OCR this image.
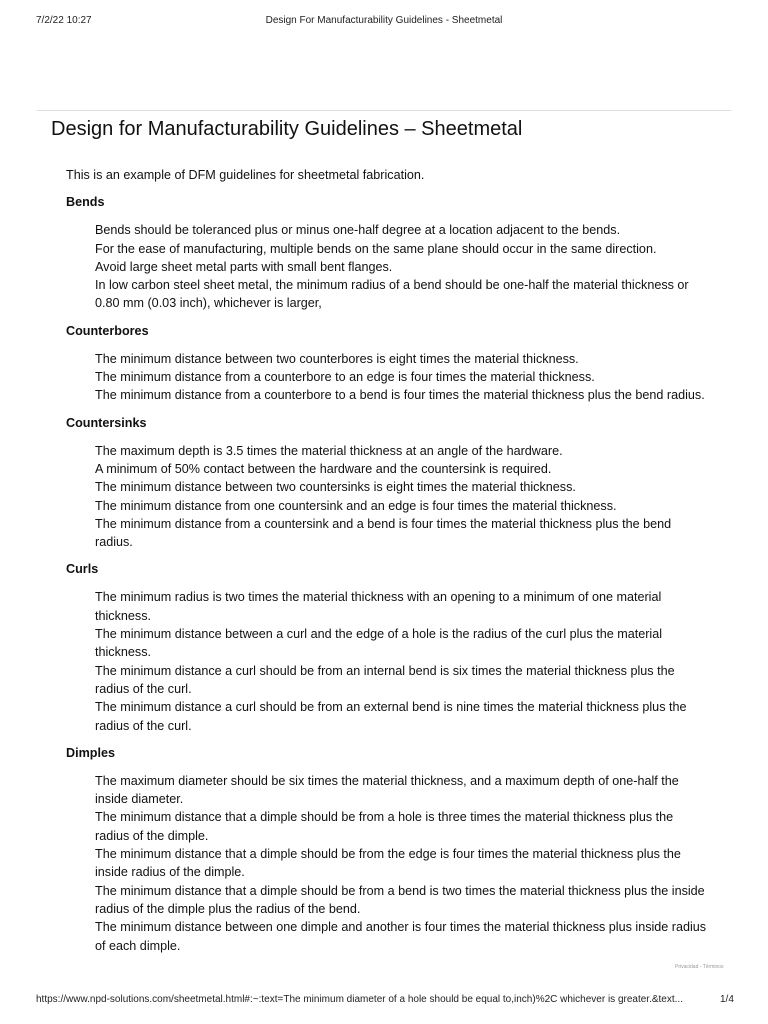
7/2/22 10:27	Design For Manufacturability Guidelines - Sheetmetal
Design for Manufacturability Guidelines – Sheetmetal

This is an example of DFM guidelines for sheetmetal fabrication.

Bends

Bends should be toleranced plus or minus one-half degree at a location adjacent to the bends.

For the ease of manufacturing, multiple bends on the same plane should occur in the same direction.

Avoid large sheet metal parts with small bent flanges.

In low carbon steel sheet metal, the minimum radius of a bend should be one-half the material thickness or 0.80 mm (0.03 inch), whichever is larger,

Counterbores

The minimum distance between two counterbores is eight times the material thickness.

The minimum distance from a counterbore to an edge is four times the material thickness.

The minimum distance from a counterbore to a bend is four times the material thickness plus the bend radius.

Countersinks

The maximum depth is 3.5 times the material thickness at an angle of the hardware.

A minimum of 50% contact between the hardware and the countersink is required.

The minimum distance between two countersinks is eight times the material thickness.

The minimum distance from one countersink and an edge is four times the material thickness.

The minimum distance from a countersink and a bend is four times the material thickness plus the bend radius.

Curls

The minimum radius is two times the material thickness with an opening to a minimum of one material thickness.

The minimum distance between a curl and the edge of a hole is the radius of the curl plus the material thickness.

The minimum distance a curl should be from an internal bend is six times the material thickness plus the radius of the curl.

The minimum distance a curl should be from an external bend is nine times the material thickness plus the radius of the curl.

Dimples

The maximum diameter should be six times the material thickness, and a maximum depth of one-half the inside diameter.

The minimum distance that a dimple should be from a hole is three times the material thickness plus the radius of the dimple.

The minimum distance that a dimple should be from the edge is four times the material thickness plus the inside radius of the dimple.

The minimum distance that a dimple should be from a bend is two times the material thickness plus the inside radius of the dimple plus the radius of the bend.

The minimum distance between one dimple and another is four times the material thickness plus inside radius of each dimple.

Privacidad - Términos
https://www.npd-solutions.com/sheetmetal.html#:~:text=The minimum diameter of a hole should be equal to,inch)%2C whichever is greater.&text...	1/4
